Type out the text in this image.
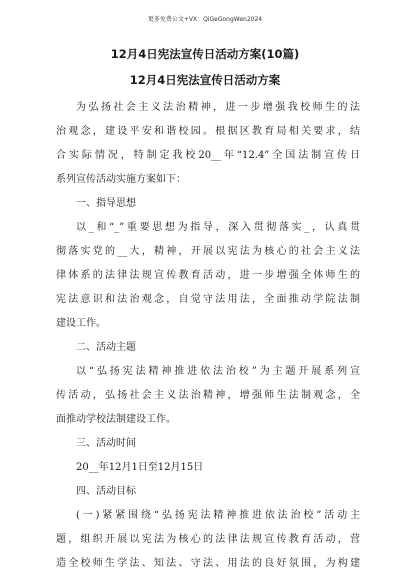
更多免费公文+VX：QiGeGongWen2024
12月4日宪法宣传日活动方案(10篇)
12月4日宪法宣传日活动方案
为弘扬社会主义法治精神，进一步增强我校师生的法
治观念，建设平安和谐校园。根据区教育局相关要求，结
合实际情况，特制定我校20__年“12.4”全国法制宣传日
系列宣传活动实施方案如下：
一、指导思想
以_和“_”重要思想为指导，深入贯彻落实_，认真贯
彻落实党的__大，精神，开展以宪法为核心的社会主义法
律体系的法律法规宣传教育活动，进一步增强全体师生的
宪法意识和法治观念，自觉守法用法，全面推动学院法制
建设工作。
二、活动主题
以“弘扬宪法精神推进依法治校”为主题开展系列宣
传活动，弘扬社会主义法治精神，增强师生法制观念，全
面推动学校法制建设工作。
三、活动时间
20__年12月1日至12月15日
四、活动目标
(一)紧紧围绕“弘扬宪法精神推进依法治校”活动主
题，组织开展以宪法为核心的法律法规宣传教育活动，营
造全校师生学法、知法、守法、用法的良好氛围，为构建
